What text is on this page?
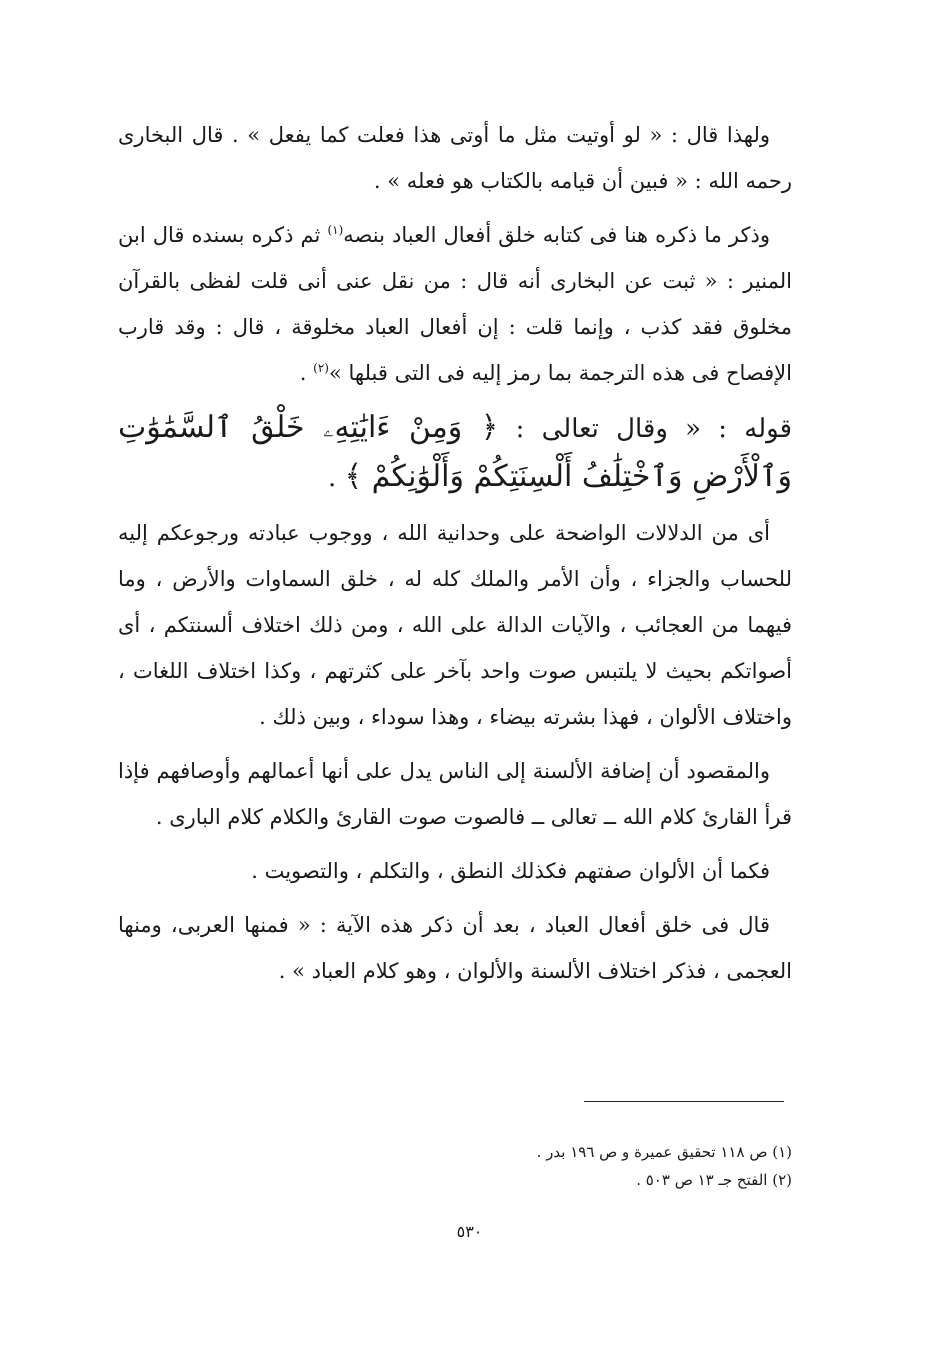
ولهذا قال : « لو أوتيت مثل ما أوتى هذا فعلت كما يفعل » . قال البخارى رحمه الله : « فبين أن قيامه بالكتاب هو فعله » .

وذكر ما ذكره هنا فى كتابه خلق أفعال العباد بنصه$^{(١)}$ ثم ذكره بسنده قال ابن المنير : « ثبت عن البخارى أنه قال : من نقل عنى أنى قلت لفظى بالقرآن مخلوق فقد كذب ، وإنما قلت : إن أفعال العباد مخلوقة ، قال : وقد قارب الإفصاح فى هذه الترجمة بما رمز إليه فى التى قبلها »$^{(٢)}$ .

قوله : « وقال تعالى : ﴿ وَمِنْ ءَايَٰتِهِۦ خَلْقُ ٱلسَّمَٰوَٰتِ وَٱلْأَرْضِ وَٱخْتِلَٰفُ أَلْسِنَتِكُمْ وَأَلْوَٰنِكُمْ ﴾ .

أى من الدلالات الواضحة على وحدانية الله ، ووجوب عبادته ورجوعكم إليه للحساب والجزاء ، وأن الأمر والملك كله له ، خلق السماوات والأرض ، وما فيهما من العجائب ، والآيات الدالة على الله ، ومن ذلك اختلاف ألسنتكم ، أى أصواتكم بحيث لا يلتبس صوت واحد بآخر على كثرتهم ، وكذا اختلاف اللغات ، واختلاف الألوان ، فهذا بشرته بيضاء ، وهذا سوداء ، وبين ذلك .

والمقصود أن إضافة الألسنة إلى الناس يدل على أنها أعمالهم وأوصافهم فإذا قرأ القارئ كلام الله ــ تعالى ــ فالصوت صوت القارئ والكلام كلام البارى .

فكما أن الألوان صفتهم فكذلك النطق ، والتكلم ، والتصويت .

قال فى خلق أفعال العباد ، بعد أن ذكر هذه الآية : « فمنها العربى، ومنها العجمى ، فذكر اختلاف الألسنة والألوان ، وهو كلام العباد » .

(١) ص ١١٨ تحقيق عميرة و ص ١٩٦ بدر .

(٢) الفتح جـ ١٣ ص ٥٠٣ .

٥٣٠
